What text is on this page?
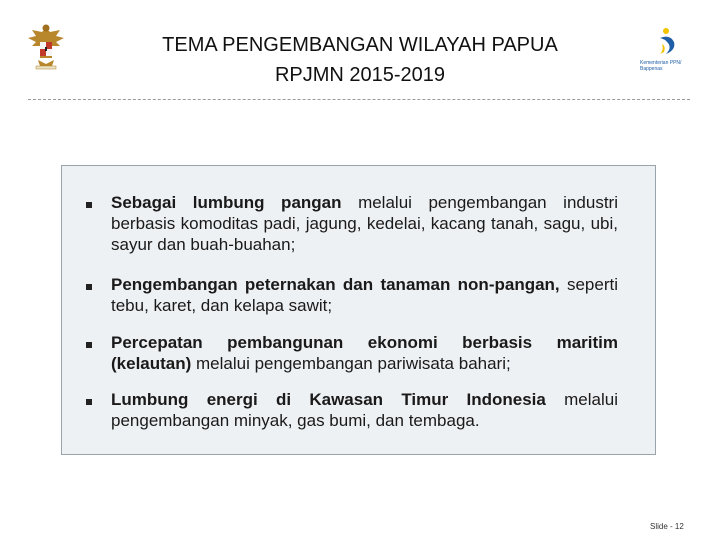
TEMA PENGEMBANGAN WILAYAH PAPUA
RPJMN 2015-2019
Kementerian PPN/
Bappenas
Sebagai lumbung pangan melalui pengembangan industri berbasis komoditas padi, jagung, kedelai, kacang tanah, sagu, ubi, sayur dan buah-buahan;
Pengembangan peternakan dan tanaman non-pangan, seperti tebu, karet, dan kelapa sawit;
Percepatan pembangunan ekonomi berbasis maritim (kelautan) melalui pengembangan pariwisata bahari;
Lumbung energi di Kawasan Timur Indonesia melalui pengembangan minyak, gas bumi, dan tembaga.
Slide - 12
